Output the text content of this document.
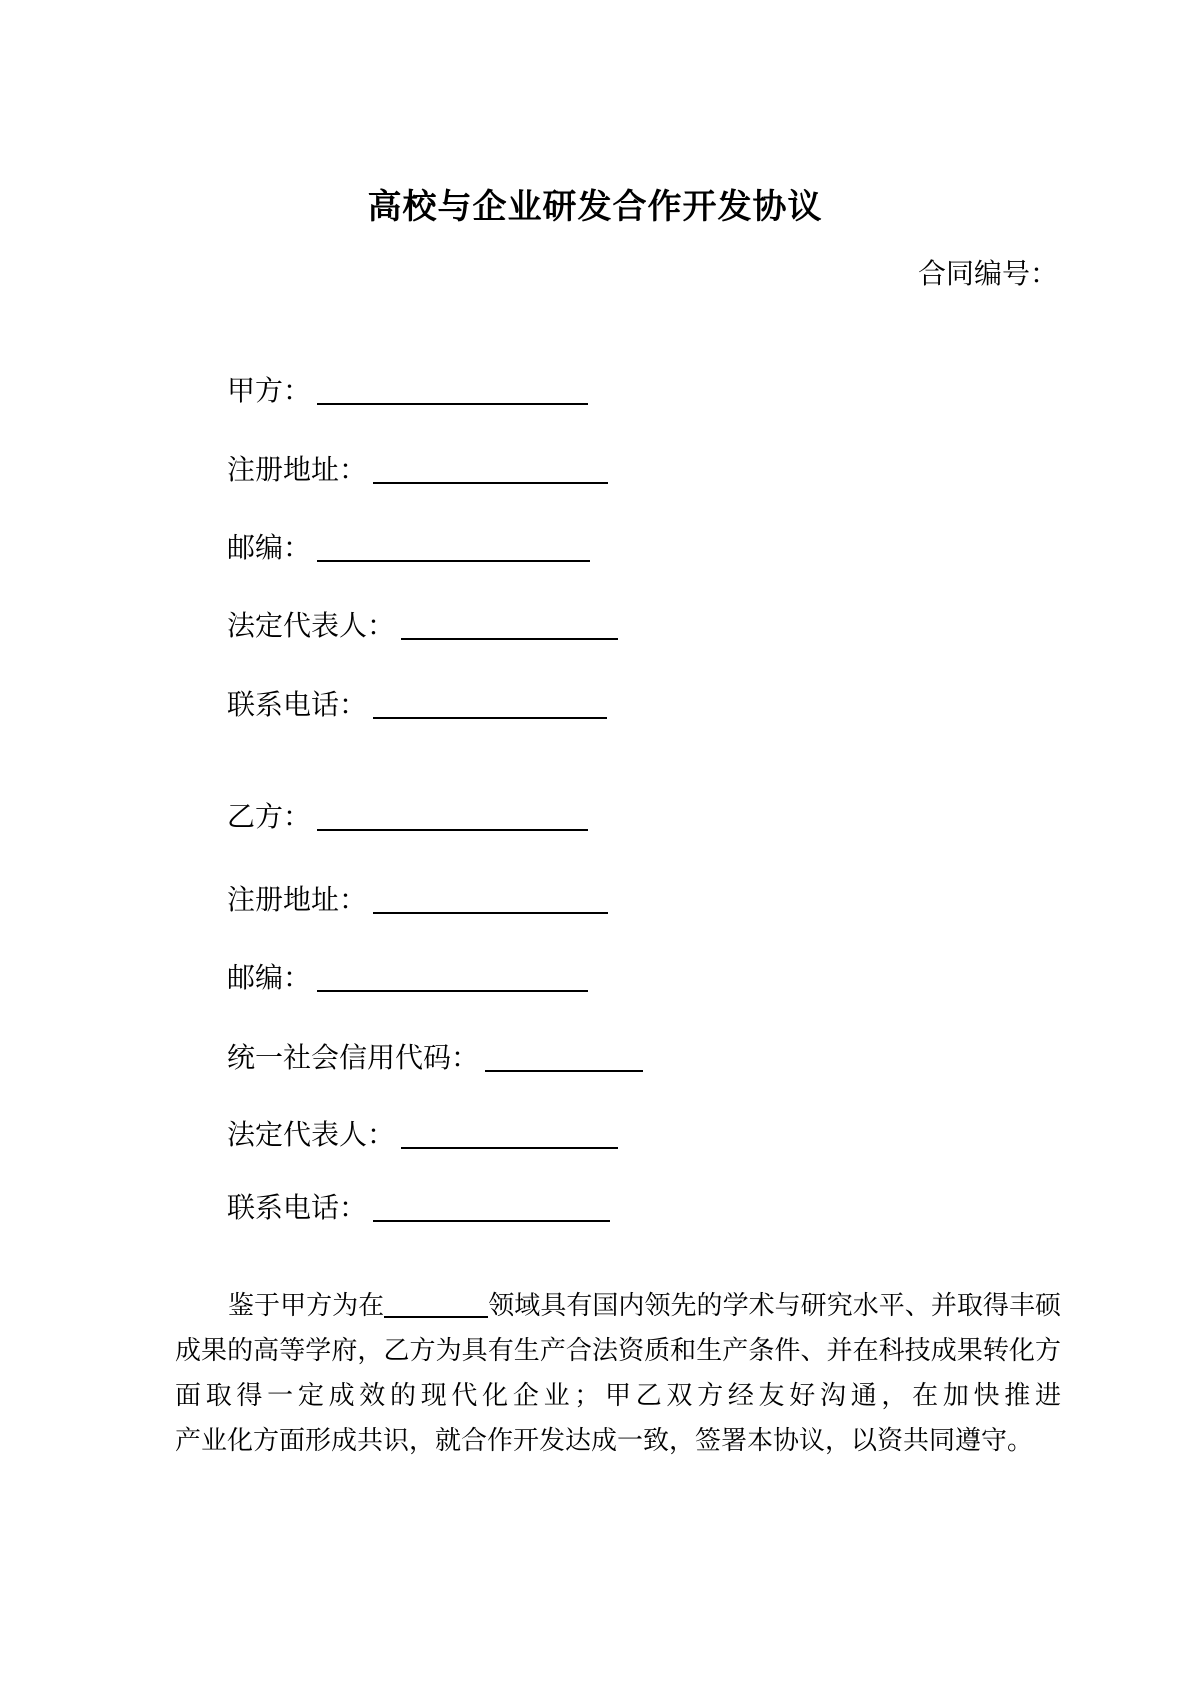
高校与企业研发合作开发协议
合同编号：
甲方：
注册地址：
邮编：
法定代表人：
联系电话：
乙方：
注册地址：
邮编：
统一社会信用代码：
法定代表人：
联系电话：
鉴于甲方为在	领域具有国内领先的学术与研究水平、并取得丰硕
成果的高等学府，乙方为具有生产合法资质和生产条件、并在科技成果转化方
面取得一定成效的现代化企业；甲乙双方经友好沟通，在加快推进
产业化方面形成共识，就合作开发达成一致，签署本协议，以资共同遵守。
